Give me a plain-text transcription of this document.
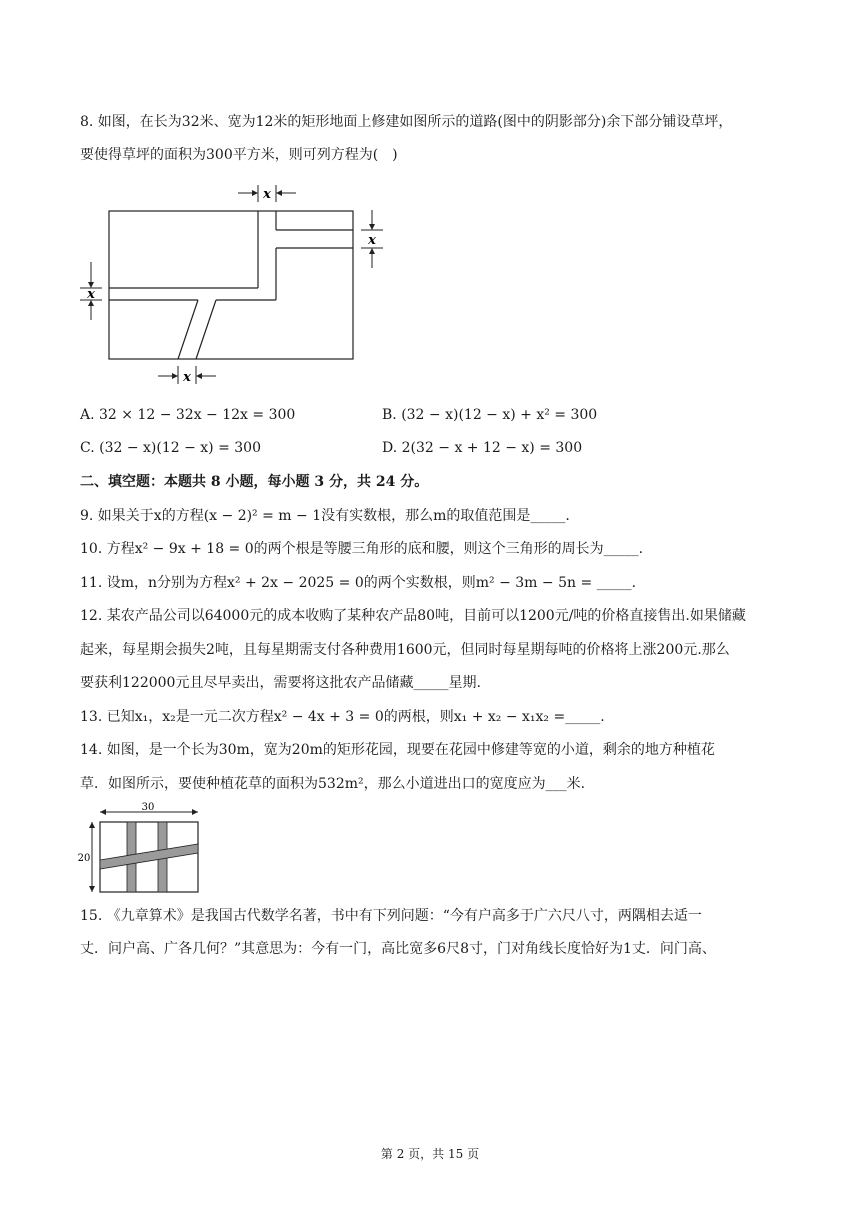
8. 如图，在长为32米、宽为12米的矩形地面上修建如图所示的道路(图中的阴影部分)余下部分铺设草坪，
要使得草坪的面积为300平方米，则可列方程为(　)
x
x
x
x
A. 32 × 12 − 32x − 12x = 300	B. (32 − x)(12 − x) + x² = 300
C. (32 − x)(12 − x) = 300	D. 2(32 − x + 12 − x) = 300
二、填空题：本题共 8 小题，每小题 3 分，共 24 分。
9. 如果关于x的方程(x − 2)² = m − 1没有实数根，那么m的取值范围是_____.
10. 方程x² − 9x + 18 = 0的两个根是等腰三角形的底和腰，则这个三角形的周长为_____.
11. 设m，n分别为方程x² + 2x − 2025 = 0的两个实数根，则m² − 3m − 5n = _____.
12. 某农产品公司以64000元的成本收购了某种农产品80吨，目前可以1200元/吨的价格直接售出.如果储藏
起来，每星期会损失2吨，且每星期需支付各种费用1600元，但同时每星期每吨的价格将上涨200元.那么
要获利122000元且尽早卖出，需要将这批农产品储藏_____星期.
13. 已知x₁，x₂是一元二次方程x² − 4x + 3 = 0的两根，则x₁ + x₂ − x₁x₂ =_____.
14. 如图，是一个长为30m，宽为20m的矩形花园，现要在花园中修建等宽的小道，剩余的地方种植花
草．如图所示，要使种植花草的面积为532m²，那么小道进出口的宽度应为___米.
30
20
15. 《九章算术》是我国古代数学名著，书中有下列问题：“今有户高多于广六尺八寸，两隅相去适一
丈．问户高、广各几何？”其意思为：今有一门，高比宽多6尺8寸，门对角线长度恰好为1丈．问门高、
第 2 页，共 15 页
